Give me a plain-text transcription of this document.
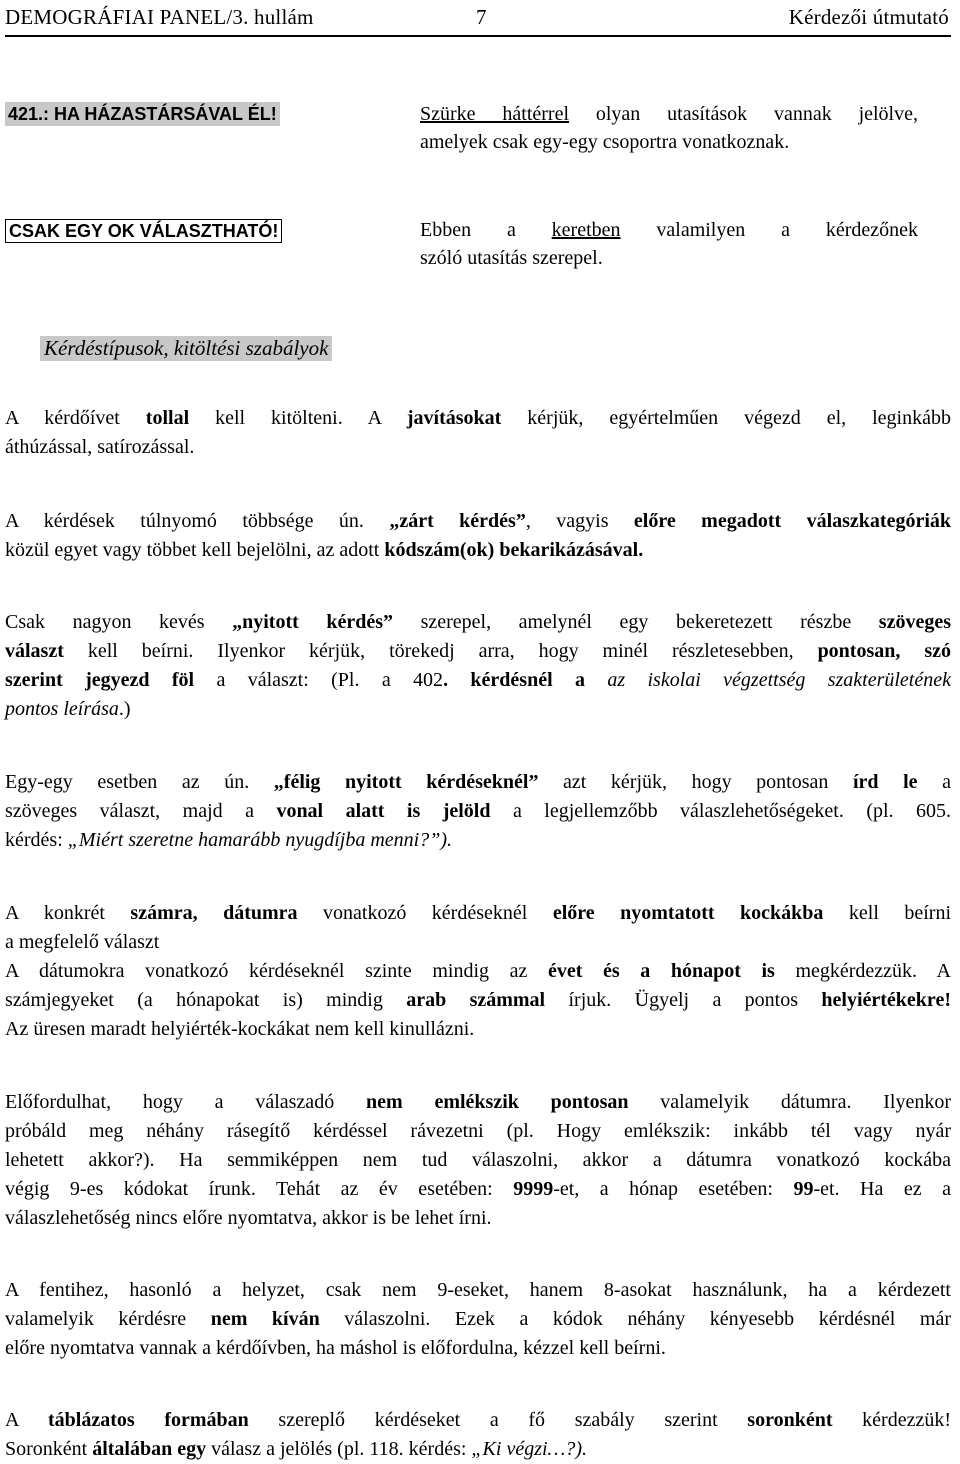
DEMOGRÁFIAI PANEL/3. hullám	7	Kérdezői útmutató
421.: HA HÁZASTÁRSÁVAL ÉL!	Szürke háttérrel olyan utasítások vannak jelölve,
amelyek csak egy-egy csoportra vonatkoznak.
CSAK EGY OK VÁLASZTHATÓ!	Ebben a keretben valamilyen a kérdezőnek
szóló utasítás szerepel.
Kérdéstípusok, kitöltési szabályok
A kérdőívet tollal kell kitölteni. A javításokat kérjük, egyértelműen végezd el, leginkább
áthúzással, satírozással.
A kérdések túlnyomó többsége ún. „zárt kérdés”, vagyis előre megadott válaszkategóriák
közül egyet vagy többet kell bejelölni, az adott kódszám(ok) bekarikázásával.
Csak nagyon kevés „nyitott kérdés” szerepel, amelynél egy bekeretezett részbe szöveges
választ kell beírni. Ilyenkor kérjük, törekedj arra, hogy minél részletesebben, pontosan, szó
szerint jegyezd föl a választ: (Pl. a 402. kérdésnél a az iskolai végzettség szakterületének
pontos leírása.)
Egy-egy esetben az ún. „félig nyitott kérdéseknél” azt kérjük, hogy pontosan írd le a
szöveges választ, majd a vonal alatt is jelöld a legjellemzőbb válaszlehetőségeket. (pl. 605.
kérdés: „Miért szeretne hamarább nyugdíjba menni?”).
A konkrét számra, dátumra vonatkozó kérdéseknél előre nyomtatott kockákba kell beírni
a megfelelő választ
A dátumokra vonatkozó kérdéseknél szinte mindig az évet és a hónapot is megkérdezzük. A
számjegyeket (a hónapokat is) mindig arab számmal írjuk. Ügyelj a pontos helyiértékekre!
Az üresen maradt helyiérték-kockákat nem kell kinullázni.
Előfordulhat, hogy a válaszadó nem emlékszik pontosan valamelyik dátumra. Ilyenkor
próbáld meg néhány rásegítő kérdéssel rávezetni (pl. Hogy emlékszik: inkább tél vagy nyár
lehetett akkor?). Ha semmiképpen nem tud válaszolni, akkor a dátumra vonatkozó kockába
végig 9-es kódokat írunk. Tehát az év esetében: 9999-et, a hónap esetében: 99-et. Ha ez a
válaszlehetőség nincs előre nyomtatva, akkor is be lehet írni.
A fentihez, hasonló a helyzet, csak nem 9-eseket, hanem 8-asokat használunk, ha a kérdezett
valamelyik kérdésre nem kíván válaszolni. Ezek a kódok néhány kényesebb kérdésnél már
előre nyomtatva vannak a kérdőívben, ha máshol is előfordulna, kézzel kell beírni.
A táblázatos formában szereplő kérdéseket a fő szabály szerint soronként kérdezzük!
Soronként általában egy válasz a jelölés (pl. 118. kérdés: „Ki végzi…?).
